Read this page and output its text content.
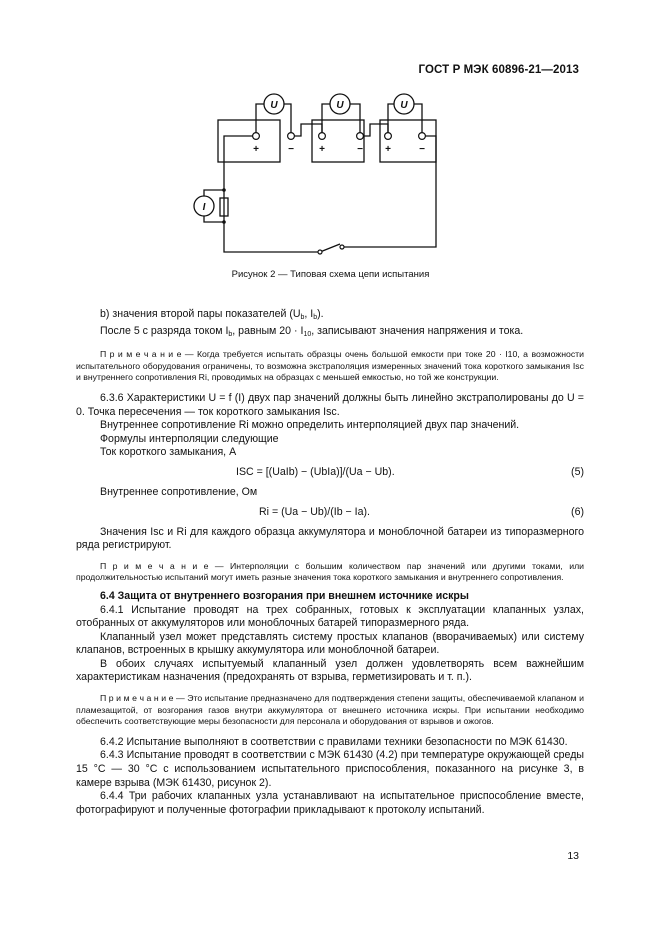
ГОСТ Р МЭК 60896-21—2013
U	U	U
I
+	−	+	− +	−
Рисунок 2 — Типовая схема цепи испытания

b) значения второй пары показателей ($U_b$, $I_b$).

После 5 с разряда током $I_b$, равным $20 \cdot I_{10}$, записывают значения напряжения и тока.

П р и м е ч а н и е — Когда требуется испытать образцы очень большой емкости при токе 20 · I10, а возможности испытательного оборудования ограничены, то возможна экстраполяция измеренных значений тока короткого замыкания Isc и внутреннего сопротивления Ri, проводимых на образцах с меньшей емкостью, но той же конструкции.

6.3.6 Характеристики U = f (I) двух пар значений должны быть линейно экстраполированы до U = 0. Точка пересечения — ток короткого замыкания Isc.

Внутреннее сопротивление Ri можно определить интерполяцией двух пар значений.

Формулы интерполяции следующие

Ток короткого замыкания, А

ISC = [(UaIb) − (UbIa)]/(Ua − Ub).	(5)

Внутреннее сопротивление, Ом

Ri = (Ua − Ub)/(Ib − Ia).	(6)

Значения Isc и Ri для каждого образца аккумулятора и моноблочной батареи из типоразмерного ряда регистрируют.

П р и м е ч а н и е — Интерполяции с большим количеством пар значений или другими токами, или продолжительностью испытаний могут иметь разные значения тока короткого замыкания и внутреннего сопротивления.

6.4 Защита от внутреннего возгорания при внешнем источнике искры

6.4.1 Испытание проводят на трех собранных, готовых к эксплуатации клапанных узлах, отобранных от аккумуляторов или моноблочных батарей типоразмерного ряда.

Клапанный узел может представлять систему простых клапанов (вворачиваемых) или систему клапанов, встроенных в крышку аккумулятора или моноблочной батареи.

В обоих случаях испытуемый клапанный узел должен удовлетворять всем важнейшим характеристикам назначения (предохранять от взрыва, герметизировать и т. п.).

П р и м е ч а н и е — Это испытание предназначено для подтверждения степени защиты, обеспечиваемой клапаном и пламезащитой, от возгорания газов внутри аккумулятора от внешнего источника искры. При испытании необходимо обеспечить соответствующие меры безопасности для персонала и оборудования от взрывов и ожогов.

6.4.2 Испытание выполняют в соответствии с правилами техники безопасности по МЭК 61430.

6.4.3 Испытание проводят в соответствии с МЭК 61430 (4.2) при температуре окружающей среды 15 °С — 30 °С с использованием испытательного приспособления, показанного на рисунке 3, в камере взрыва (МЭК 61430, рисунок 2).

6.4.4 Три рабочих клапанных узла устанавливают на испытательное приспособление вместе, фотографируют и полученные фотографии прикладывают к протоколу испытаний.

13
